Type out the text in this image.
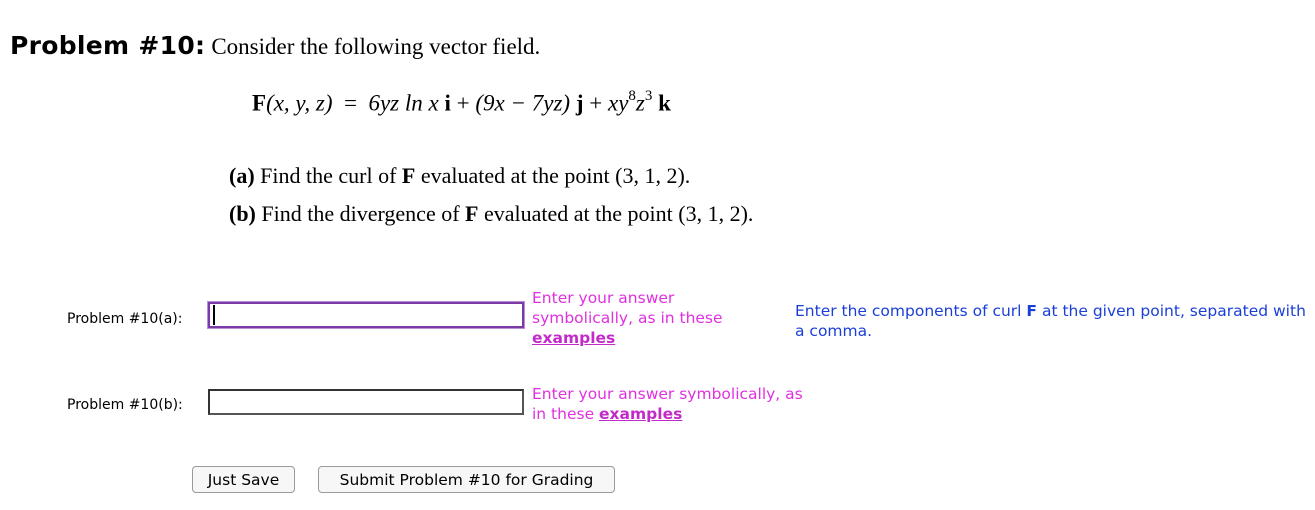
Problem #10: Consider the following vector field.
F(x, y, z) = 6yz ln x i + (9x − 7yz) $j + xy^8z^3$ k
(a) Find the curl of F evaluated at the point (3, 1, 2).
(b) Find the divergence of F evaluated at the point (3, 1, 2).
Problem #10(a):
Enter your answer symbolically, as in these examples
Enter the components of curl F at the given point, separated with a comma.
Problem #10(b):
Enter your answer symbolically, as in these examples
Just Save	Submit Problem #10 for Grading
